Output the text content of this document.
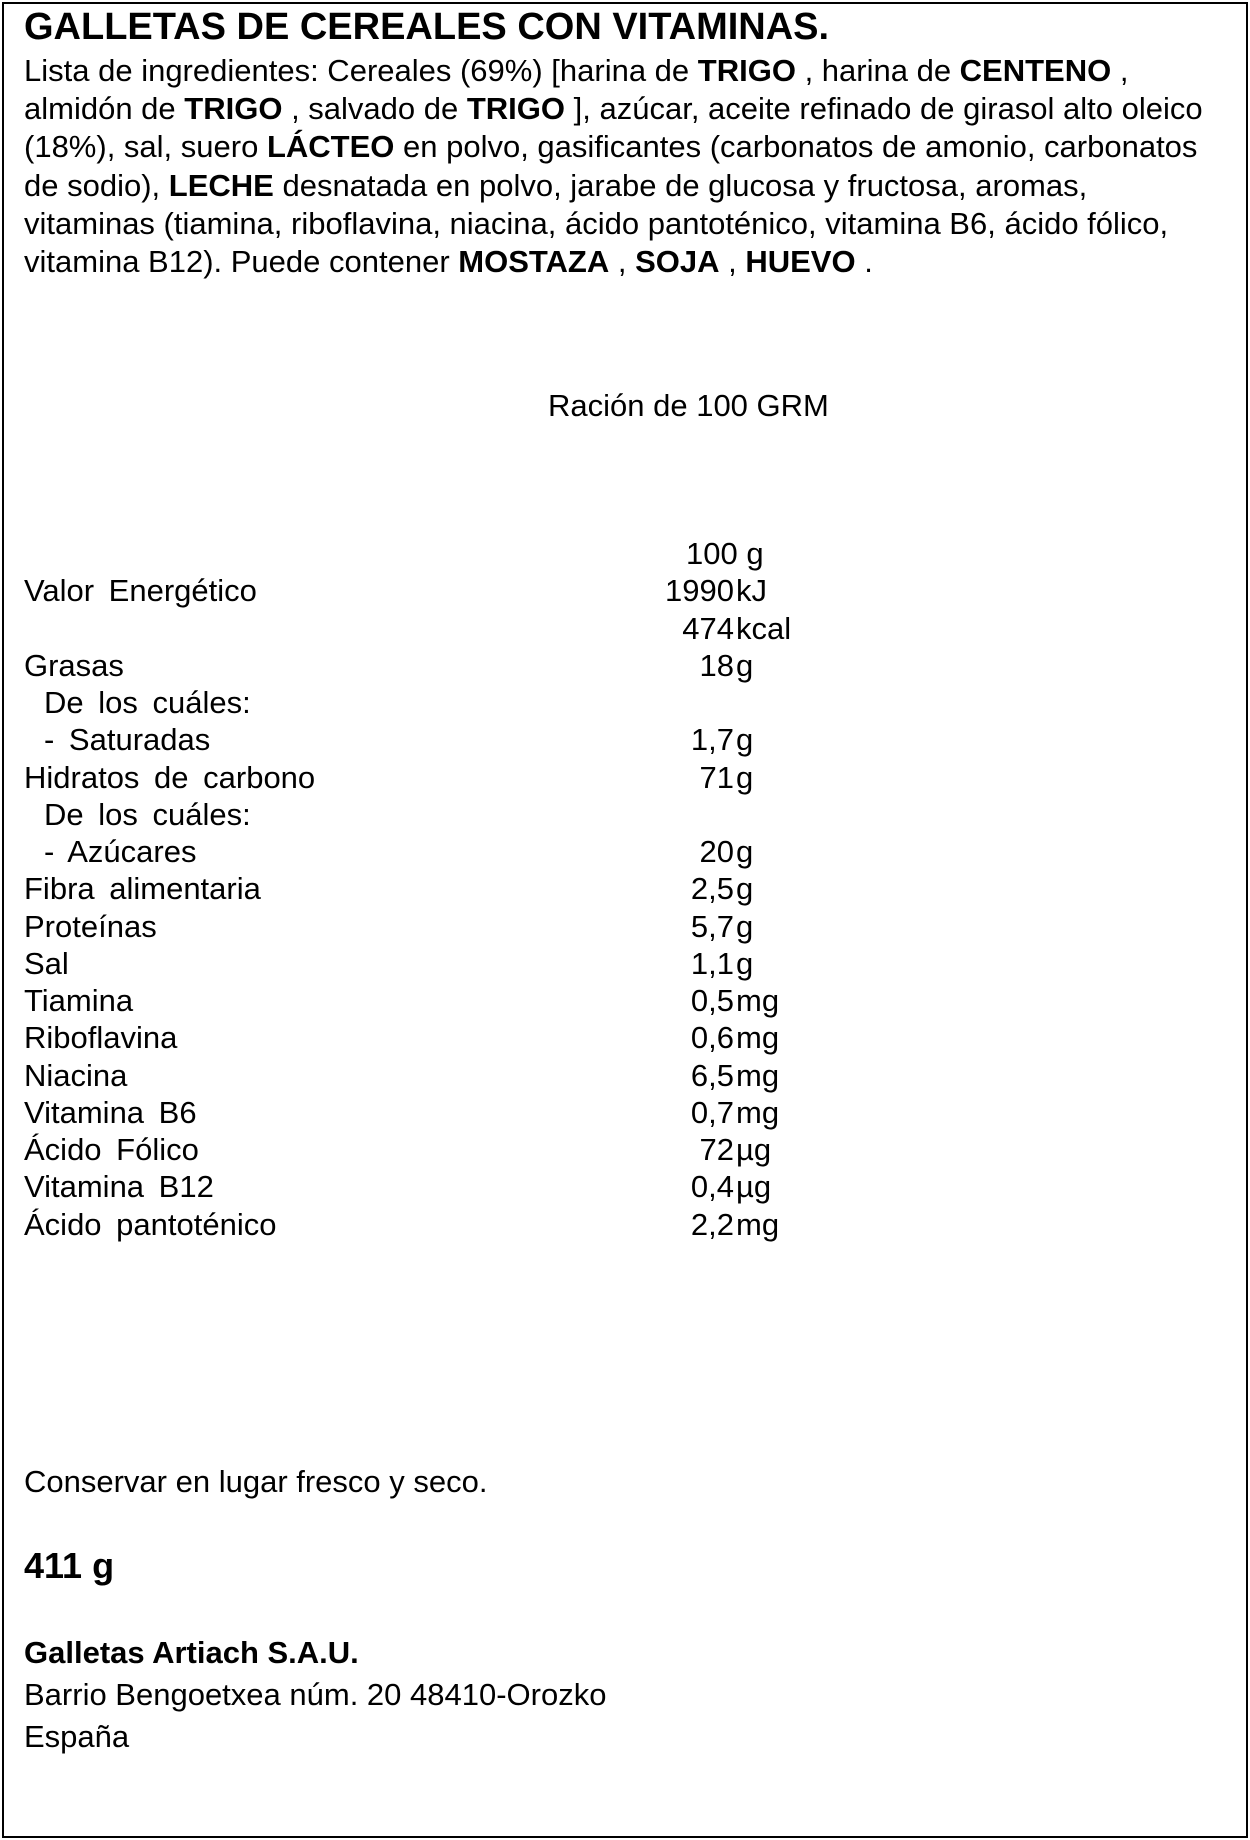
GALLETAS DE CEREALES CON VITAMINAS.

Lista de ingredientes: Cereales (69%) [harina de TRIGO , harina de CENTENO , almidón de TRIGO , salvado de TRIGO ], azúcar, aceite refinado de girasol alto oleico (18%), sal, suero LÁCTEO en polvo, gasificantes (carbonatos de amonio, carbonatos de sodio), LECHE desnatada en polvo, jarabe de glucosa y fructosa, aromas, vitaminas (tiamina, riboflavina, niacina, ácido pantoténico, vitamina B6, ácido fólico, vitamina B12). Puede contener MOSTAZA , SOJA , HUEVO .

Ración de 100 GRM

100 g
Valor Energético	1990 kJ
474 kcal
Grasas	18 g
De los cuáles:
- Saturadas	1,7 g
Hidratos de carbono	71 g
De los cuáles:
- Azúcares	20 g
Fibra alimentaria	2,5 g
Proteínas	5,7 g
Sal	1,1 g
Tiamina	0,5 mg
Riboflavina	0,6 mg
Niacina	6,5 mg
Vitamina B6	0,7 mg
Ácido Fólico	72 µg
Vitamina B12	0,4 µg
Ácido pantoténico	2,2 mg

Conservar en lugar fresco y seco.

411 g

Galletas Artiach S.A.U.
Barrio Bengoetxea núm. 20 48410-Orozko
España
